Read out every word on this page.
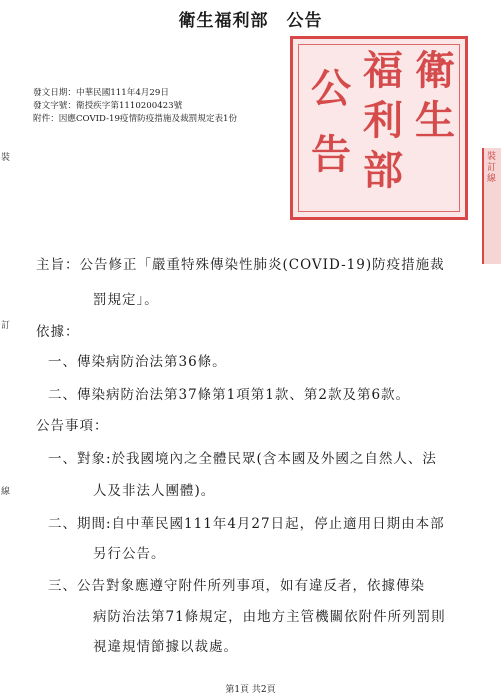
衛生福利部　公告
發文日期：中華民國111年4月29日
發文字號：衛授疾字第1110200423號
附件：因應COVID-19疫情防疫措施及裁罰規定表1份
衛
生
福
利
部
公
告	裝訂線
裝
訂
線
主旨：公告修正「嚴重特殊傳染性肺炎(COVID-19)防疫措施裁
罰規定」。
依據：
一、傳染病防治法第36條。
二、傳染病防治法第37條第1項第1款、第2款及第6款。
公告事項：
一、對象:於我國境內之全體民眾(含本國及外國之自然人、法
人及非法人團體)。
二、期間:自中華民國111年4月27日起，停止適用日期由本部
另行公告。
三、公告對象應遵守附件所列事項，如有違反者，依據傳染
病防治法第71條規定，由地方主管機關依附件所列罰則
視違規情節據以裁處。
第1頁 共2頁
